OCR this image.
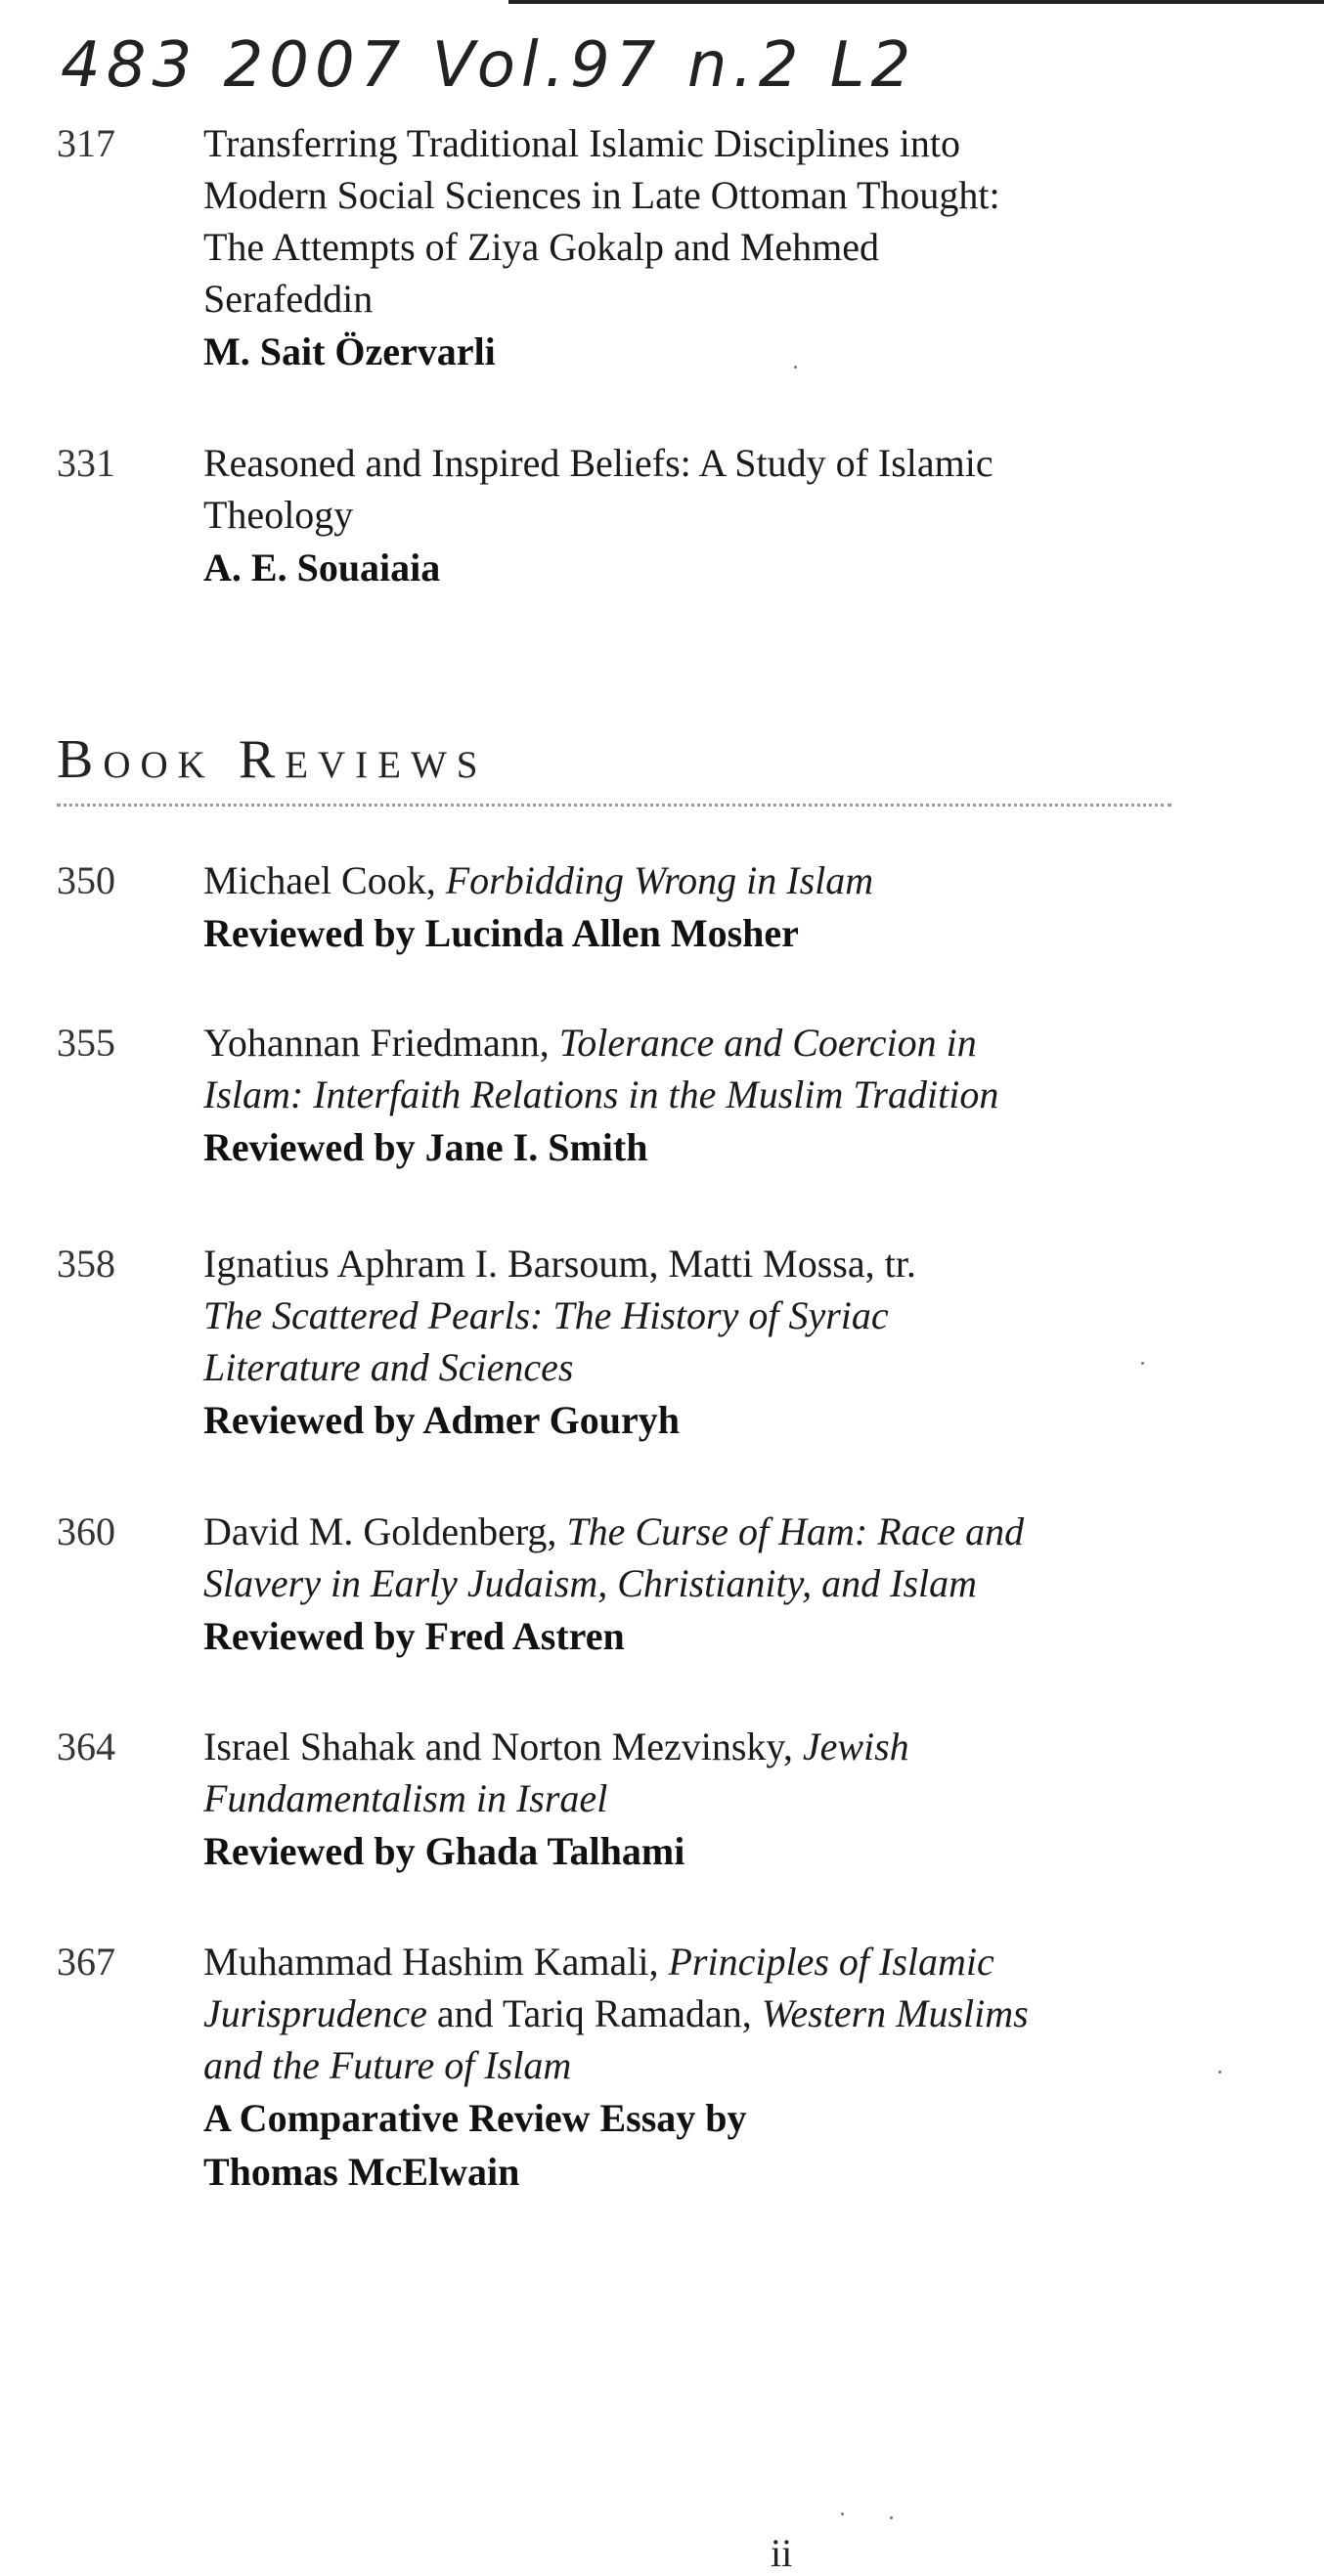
483 2007 Vol.97 n.2 L2
317 Transferring Traditional Islamic Disciplines into
Modern Social Sciences in Late Ottoman Thought:
The Attempts of Ziya Gokalp and Mehmed
Serafeddin
M. Sait Özervarli
331 Reasoned and Inspired Beliefs: A Study of Islamic
Theology
A. E. Souaiaia
Book Reviews
350 Michael Cook, Forbidding Wrong in Islam
Reviewed by Lucinda Allen Mosher
355 Yohannan Friedmann, Tolerance and Coercion in
Islam: Interfaith Relations in the Muslim Tradition
Reviewed by Jane I. Smith
358 Ignatius Aphram I. Barsoum, Matti Mossa, tr.
The Scattered Pearls: The History of Syriac
Literature and Sciences
Reviewed by Admer Gouryh
360 David M. Goldenberg, The Curse of Ham: Race and
Slavery in Early Judaism, Christianity, and Islam
Reviewed by Fred Astren
364 Israel Shahak and Norton Mezvinsky, Jewish
Fundamentalism in Israel
Reviewed by Ghada Talhami
367 Muhammad Hashim Kamali, Principles of Islamic
Jurisprudence and Tariq Ramadan, Western Muslims
and the Future of Islam
A Comparative Review Essay by
Thomas McElwain
ii
